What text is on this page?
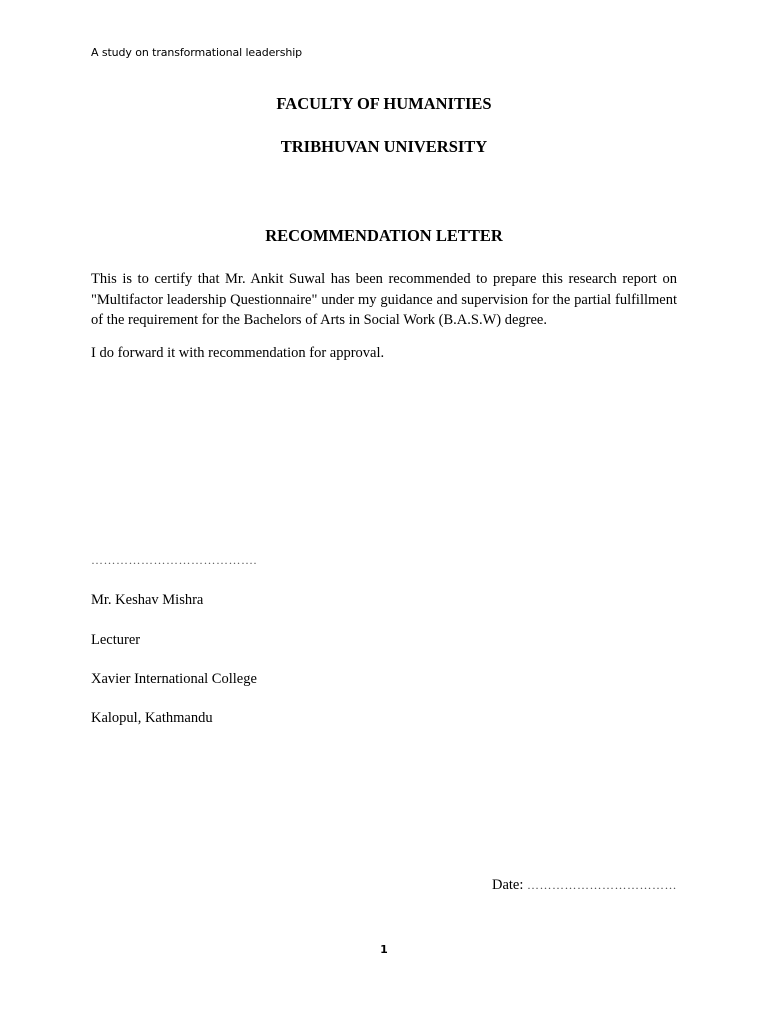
A study on transformational leadership
FACULTY OF HUMANITIES
TRIBHUVAN UNIVERSITY
RECOMMENDATION LETTER
This is to certify that Mr. Ankit Suwal has been recommended to prepare this research report on "Multifactor leadership Questionnaire" under my guidance and supervision for the partial fulfillment of the requirement for the Bachelors of Arts in Social Work (B.A.S.W) degree.
I do forward it with recommendation for approval.
………………………………….
Mr. Keshav Mishra
Lecturer
Xavier International College
Kalopul, Kathmandu
Date: ………………………………
1
